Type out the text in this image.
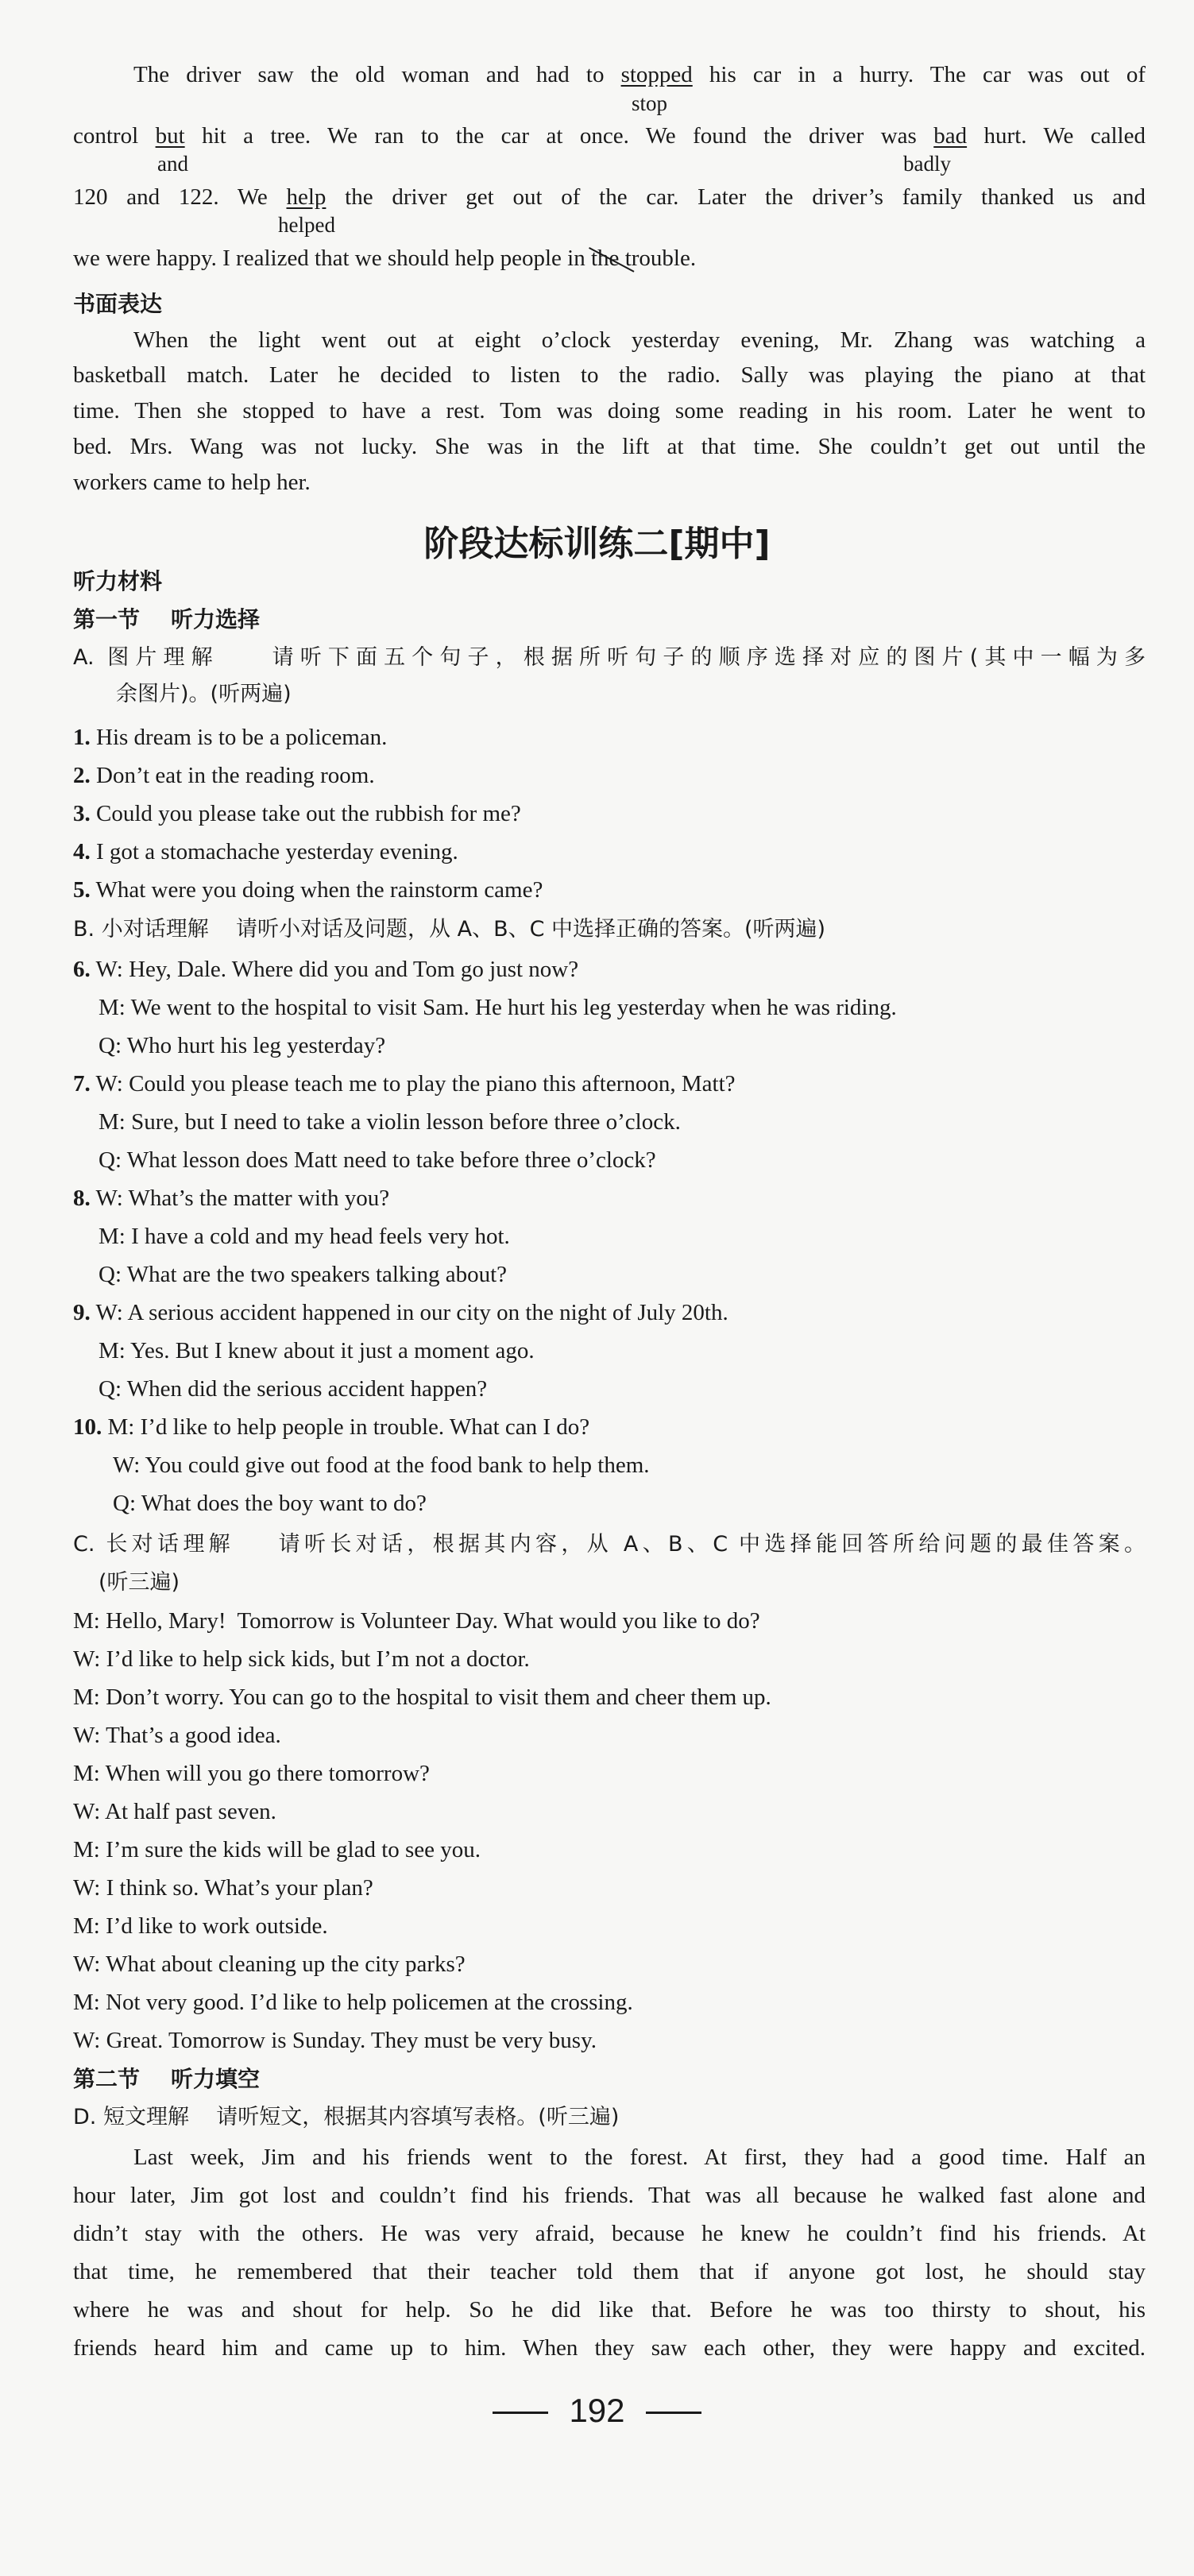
The driver saw the old woman and had to stopped his car in a hurry. The car was out of
stop
control but hit a tree. We ran to the car at once. We found the driver was bad hurt. We called
and	badly
120 and 122. We help the driver get out of the car. Later the driver’s family thanked us and
helped
we were happy. I realized that we should help people in the trouble.
书面表达
When the light went out at eight o’clock yesterday evening, Mr. Zhang was watching a
basketball match. Later he decided to listen to the radio. Sally was playing the piano at that
time. Then she stopped to have a rest. Tom was doing some reading in his room. Later he went to
bed. Mrs. Wang was not lucky. She was in the lift at that time. She couldn’t get out until the
workers came to help her.
阶段达标训练二[期中]
听力材料
第一节    听力选择
A. 图片理解    请听下面五个句子，根据所听句子的顺序选择对应的图片(其中一幅为多
余图片)。(听两遍)
1. His dream is to be a policeman.
2. Don’t eat in the reading room.
3. Could you please take out the rubbish for me?
4. I got a stomachache yesterday evening.
5. What were you doing when the rainstorm came?
B. 小对话理解    请听小对话及问题，从 A、B、C 中选择正确的答案。(听两遍)
6. W: Hey, Dale. Where did you and Tom go just now?
M: We went to the hospital to visit Sam. He hurt his leg yesterday when he was riding.
Q: Who hurt his leg yesterday?
7. W: Could you please teach me to play the piano this afternoon, Matt?
M: Sure, but I need to take a violin lesson before three o’clock.
Q: What lesson does Matt need to take before three o’clock?
8. W: What’s the matter with you?
M: I have a cold and my head feels very hot.
Q: What are the two speakers talking about?
9. W: A serious accident happened in our city on the night of July 20th.
M: Yes. But I knew about it just a moment ago.
Q: When did the serious accident happen?
10. M: I’d like to help people in trouble. What can I do?
W: You could give out food at the food bank to help them.
Q: What does the boy want to do?
C. 长对话理解    请听长对话，根据其内容，从 A、B、C 中选择能回答所给问题的最佳答案。
(听三遍)
M: Hello, Mary!  Tomorrow is Volunteer Day. What would you like to do?
W: I’d like to help sick kids, but I’m not a doctor.
M: Don’t worry. You can go to the hospital to visit them and cheer them up.
W: That’s a good idea.
M: When will you go there tomorrow?
W: At half past seven.
M: I’m sure the kids will be glad to see you.
W: I think so. What’s your plan?
M: I’d like to work outside.
W: What about cleaning up the city parks?
M: Not very good. I’d like to help policemen at the crossing.
W: Great. Tomorrow is Sunday. They must be very busy.
第二节    听力填空
D. 短文理解    请听短文，根据其内容填写表格。(听三遍)
Last week, Jim and his friends went to the forest. At first, they had a good time. Half an
hour later, Jim got lost and couldn’t find his friends. That was all because he walked fast alone and
didn’t stay with the others. He was very afraid, because he knew he couldn’t find his friends. At
that time, he remembered that their teacher told them that if anyone got lost, he should stay
where he was and shout for help. So he did like that. Before he was too thirsty to shout, his
friends heard him and came up to him. When they saw each other, they were happy and excited.
192
